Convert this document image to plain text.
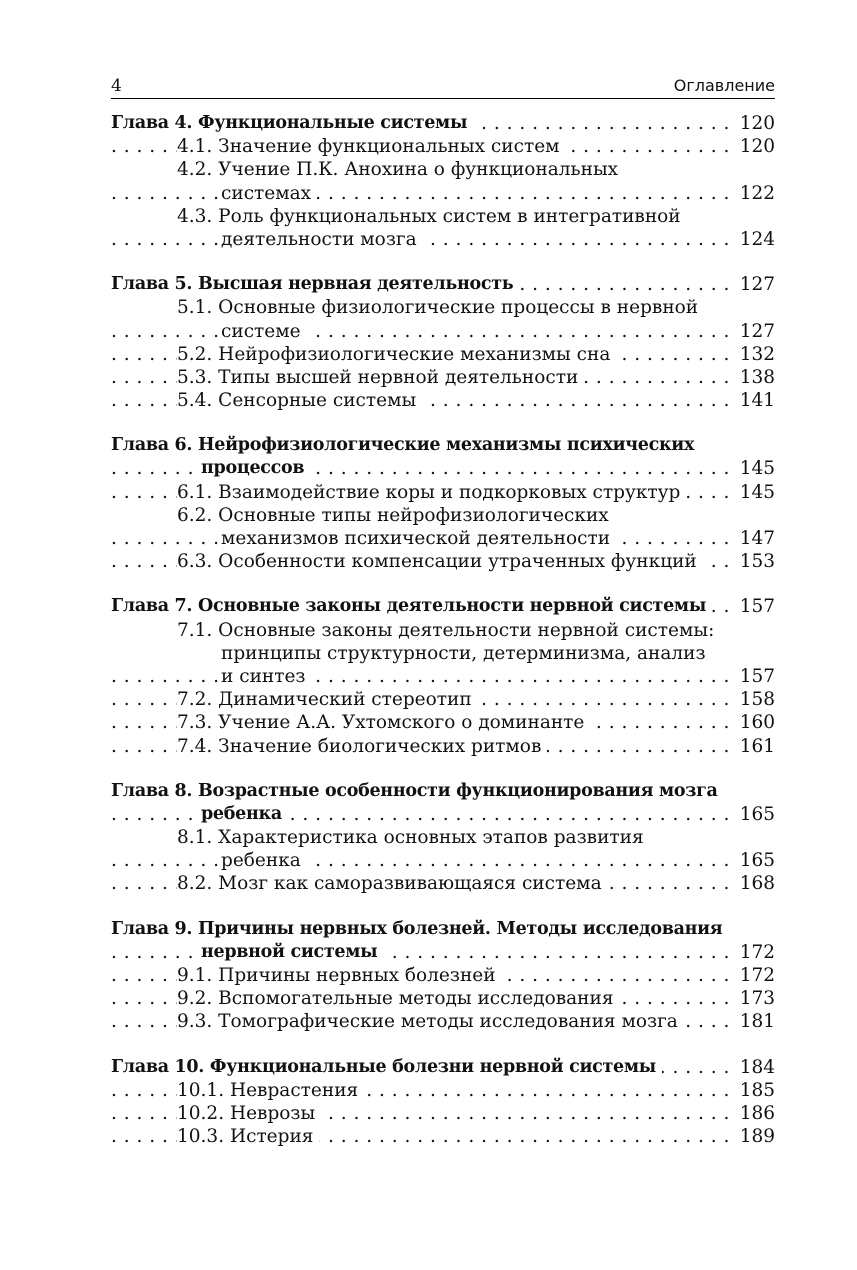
4	Оглавление
. . . Глава 4. Функциональные системы	120
. . . 4.1. Значение функциональных систем	120
4.2. Учение П.К. Анохина о функциональных
. . . системах	122
4.3. Роль функциональных систем в интегративной
. . . деятельности мозга	124
. . . Глава 5. Высшая нервная деятельность	127
5.1. Основные физиологические процессы в нервной
. . . системе	127
. . . 5.2. Нейрофизиологические механизмы сна	132
. . . 5.3. Типы высшей нервной деятельности	138
. . . 5.4. Сенсорные системы	141
Глава 6. Нейрофизиологические механизмы психических
. . . процессов	145
. . . 6.1. Взаимодействие коры и подкорковых структур	145
6.2. Основные типы нейрофизиологических
. . . механизмов психической деятельности	147
. . . 6.3. Особенности компенсации утраченных функций	153
. . . Глава 7. Основные законы деятельности нервной системы	157
7.1. Основные законы деятельности нервной системы:
принципы структурности, детерминизма, анализ
. . . и синтез	157
. . . 7.2. Динамический стереотип	158
. . . 7.3. Учение А.А. Ухтомского о доминанте	160
. . . 7.4. Значение биологических ритмов	161
Глава 8. Возрастные особенности функционирования мозга
. . . ребенка	165
8.1. Характеристика основных этапов развития
. . . ребенка	165
. . . 8.2. Мозг как саморазвивающаяся система	168
Глава 9. Причины нервных болезней. Методы исследования
. . . нервной системы	172
. . . 9.1. Причины нервных болезней	172
. . . 9.2. Вспомогательные методы исследования	173
. . . 9.3. Томографические методы исследования мозга	181
. . . Глава 10. Функциональные болезни нервной системы	184
. . . 10.1. Неврастения	185
. . . 10.2. Неврозы	186
. . . 10.3. Истерия	189
